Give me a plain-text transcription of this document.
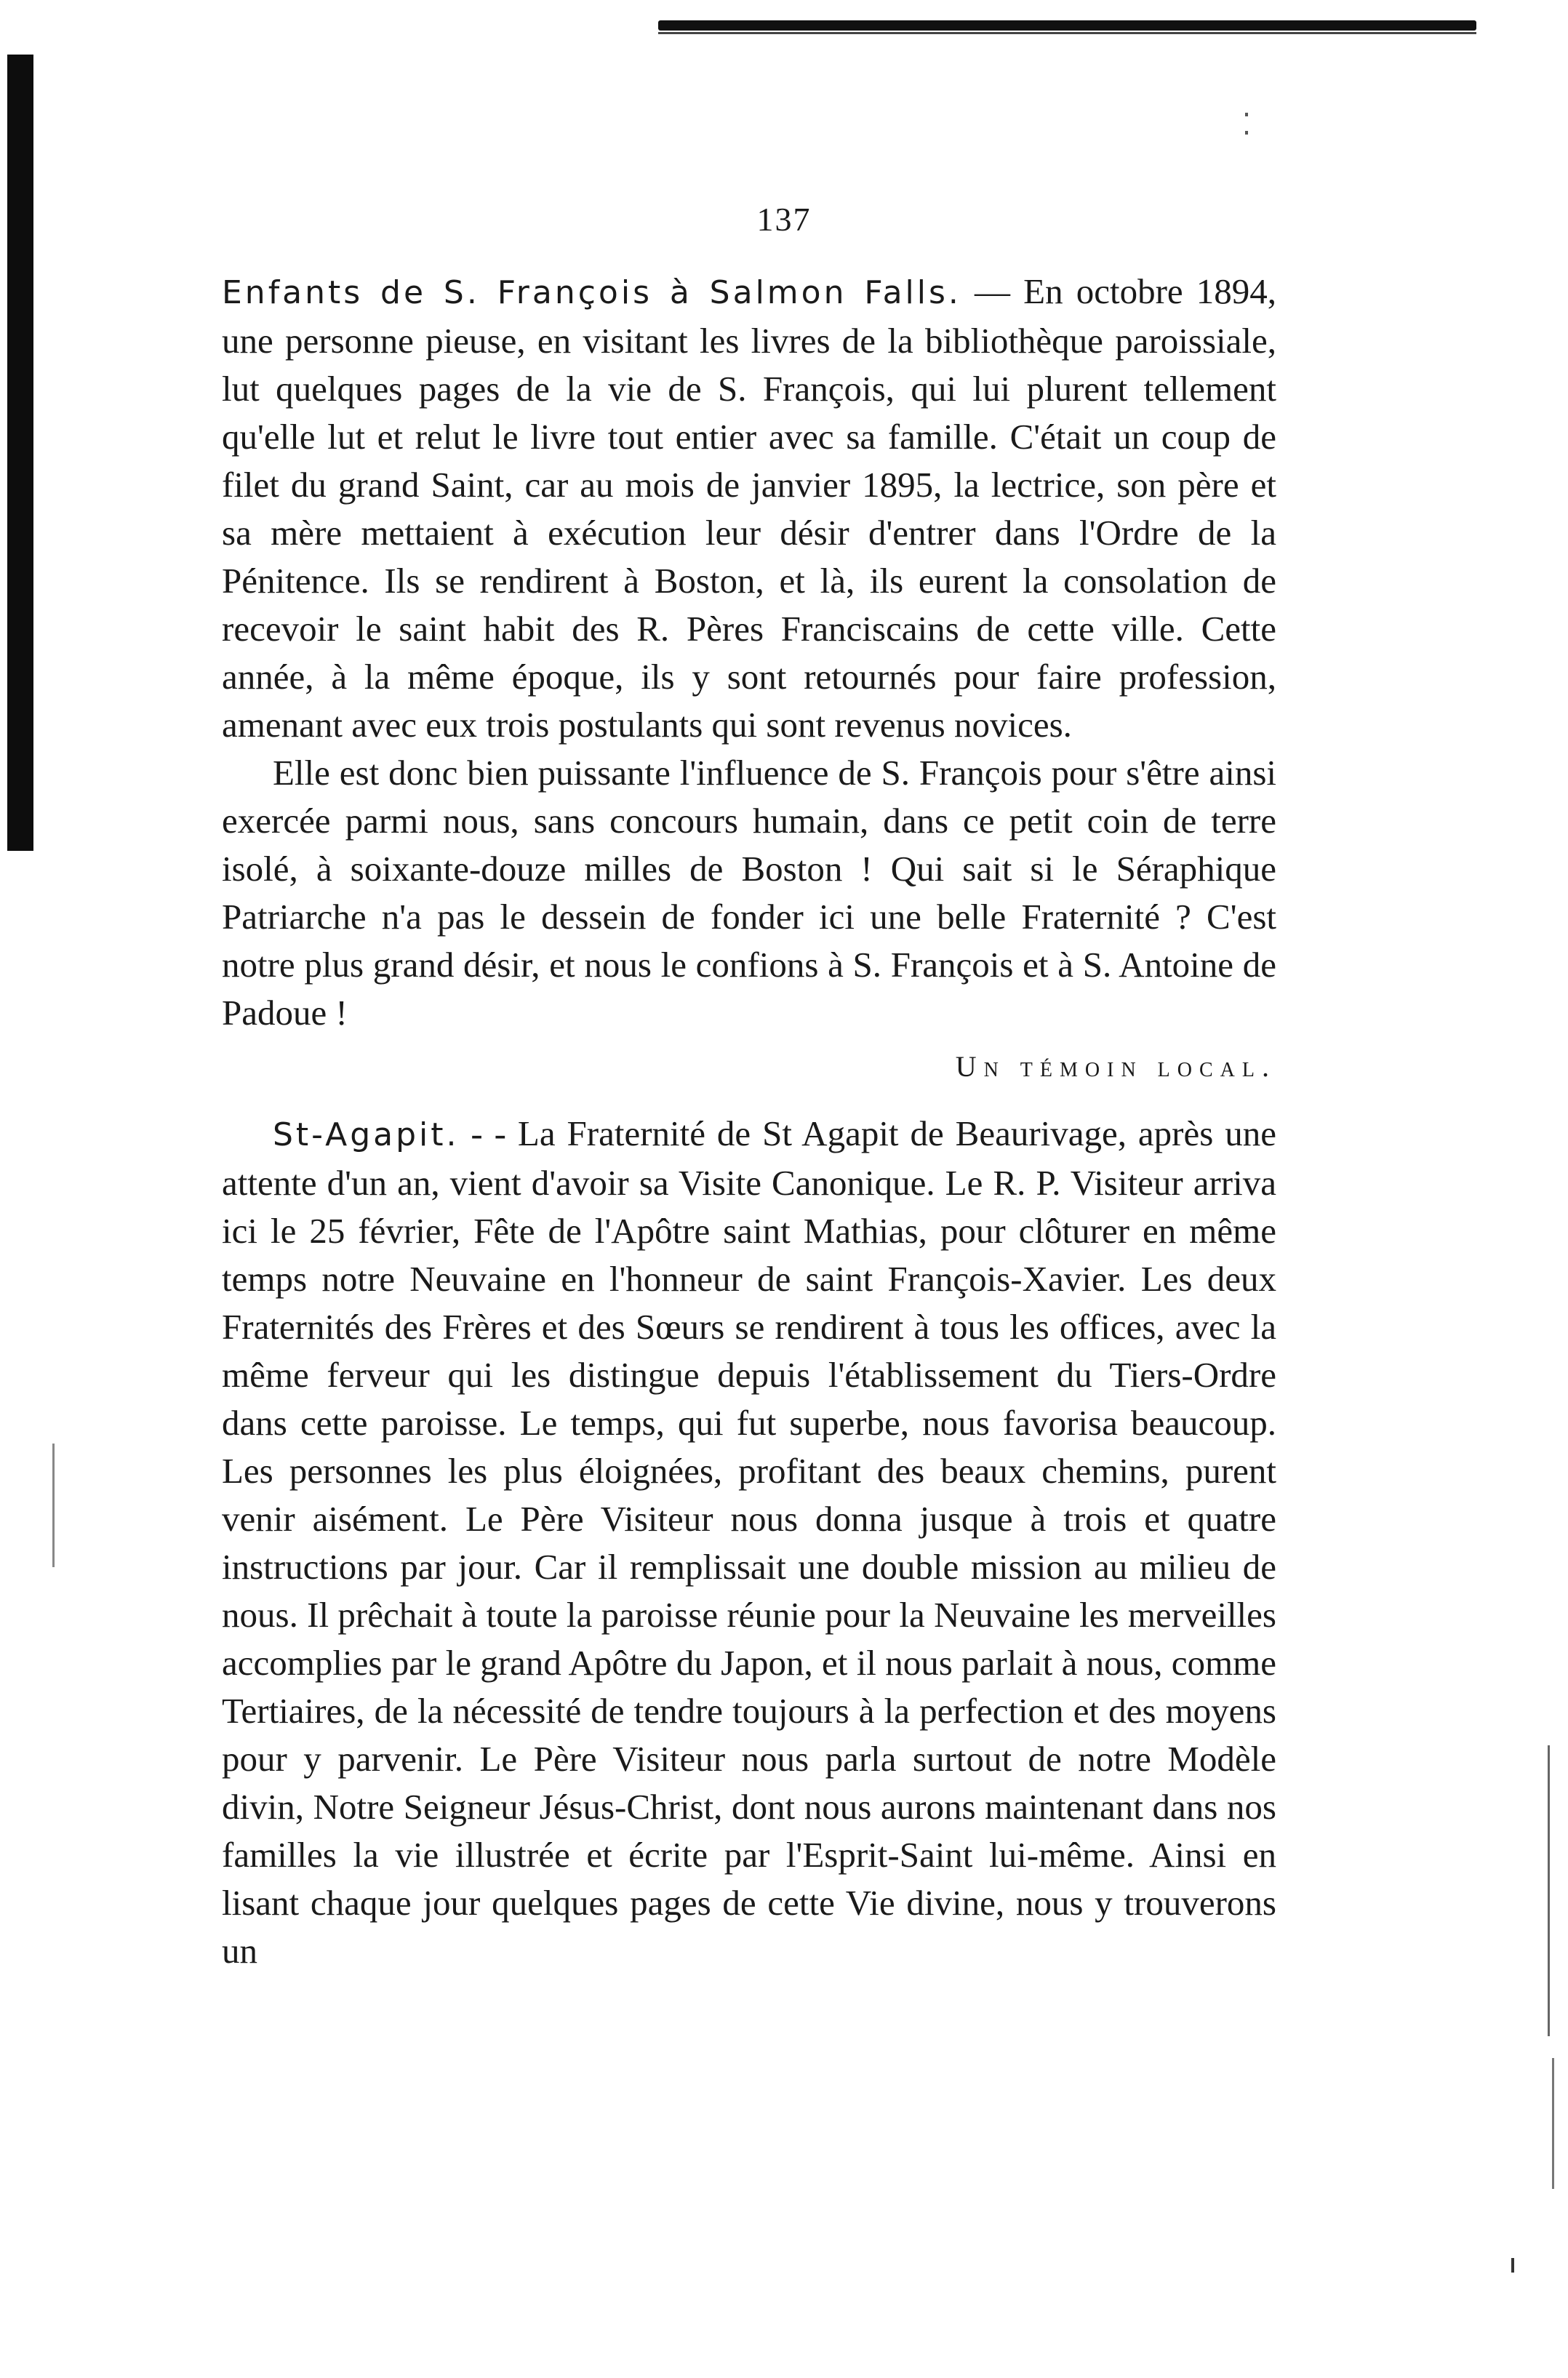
137

Enfants de S. François à Salmon Falls. — En octobre 1894, une personne pieuse, en visitant les livres de la bibliothèque paroissiale, lut quelques pages de la vie de S. François, qui lui plurent tellement qu'elle lut et relut le livre tout entier avec sa famille. C'était un coup de filet du grand Saint, car au mois de janvier 1895, la lectrice, son père et sa mère mettaient à exécution leur désir d'entrer dans l'Ordre de la Pénitence. Ils se rendirent à Boston, et là, ils eurent la consolation de recevoir le saint habit des R. Pères Franciscains de cette ville. Cette année, à la même époque, ils y sont retournés pour faire profession, amenant avec eux trois postulants qui sont revenus novices.

Elle est donc bien puissante l'influence de S. François pour s'être ainsi exercée parmi nous, sans concours humain, dans ce petit coin de terre isolé, à soixante-douze milles de Boston ! Qui sait si le Séraphique Patriarche n'a pas le dessein de fonder ici une belle Fraternité ? C'est notre plus grand désir, et nous le confions à S. François et à S. Antoine de Padoue !

Un témoin local.

St-Agapit. - - La Fraternité de St Agapit de Beaurivage, après une attente d'un an, vient d'avoir sa Visite Canonique. Le R. P. Visiteur arriva ici le 25 février, Fête de l'Apôtre saint Mathias, pour clôturer en même temps notre Neuvaine en l'honneur de saint François-Xavier. Les deux Fraternités des Frères et des Sœurs se rendirent à tous les offices, avec la même ferveur qui les distingue depuis l'établissement du Tiers-Ordre dans cette paroisse. Le temps, qui fut superbe, nous favorisa beaucoup. Les personnes les plus éloignées, profitant des beaux chemins, purent venir aisément. Le Père Visiteur nous donna jusque à trois et quatre instructions par jour. Car il remplissait une double mission au milieu de nous. Il prêchait à toute la paroisse réunie pour la Neuvaine les merveilles accomplies par le grand Apôtre du Japon, et il nous parlait à nous, comme Tertiaires, de la nécessité de tendre toujours à la perfection et des moyens pour y parvenir. Le Père Visiteur nous parla surtout de notre Modèle divin, Notre Seigneur Jésus-Christ, dont nous aurons maintenant dans nos familles la vie illustrée et écrite par l'Esprit-Saint lui-même. Ainsi en lisant chaque jour quelques pages de cette Vie divine, nous y trouverons un
